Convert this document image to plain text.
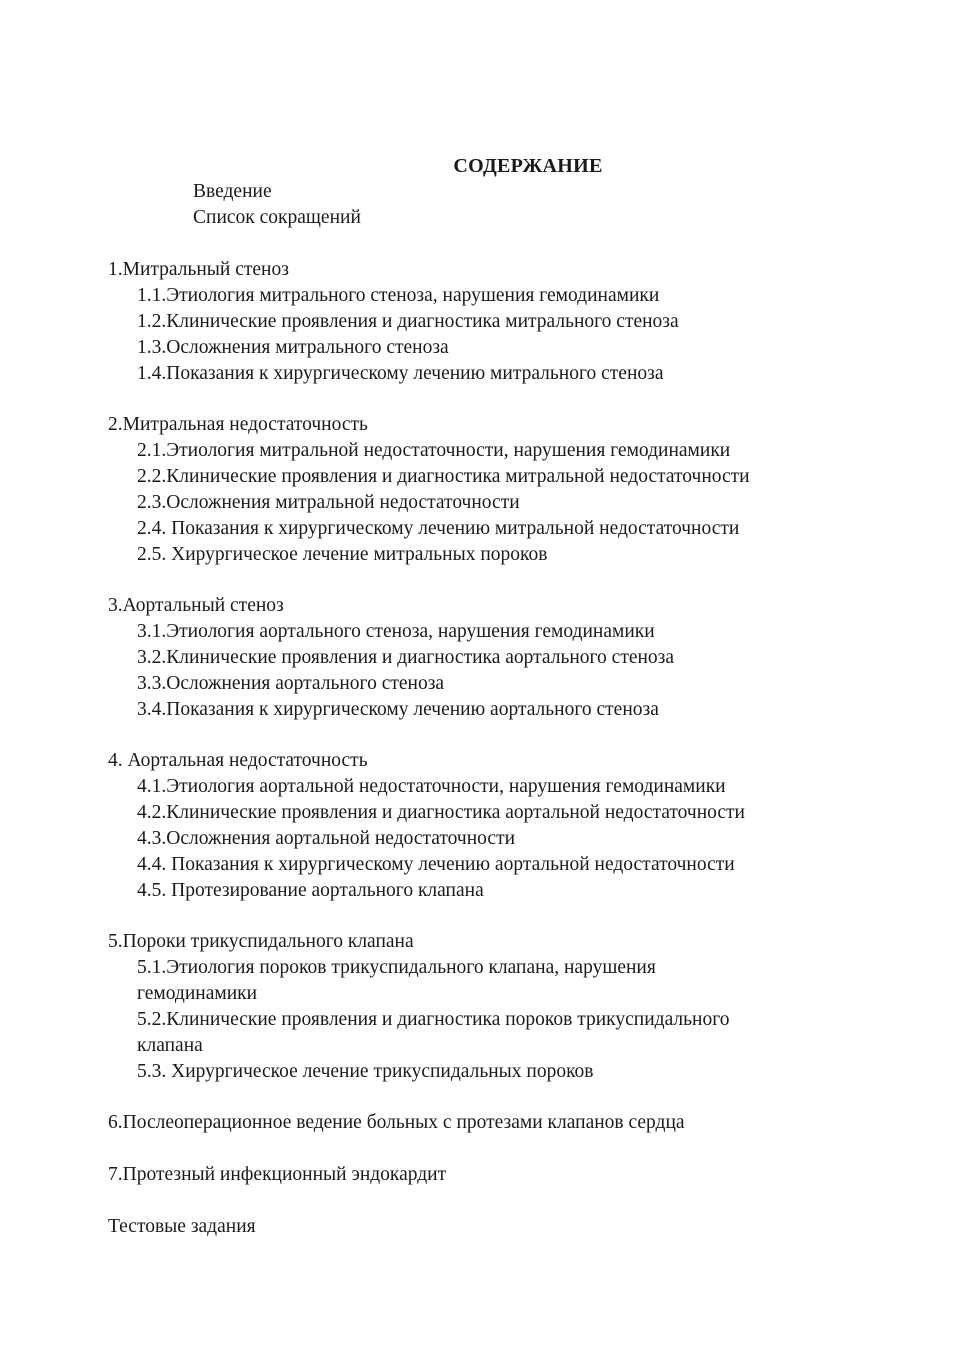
СОДЕРЖАНИЕ
Введение
Список сокращений
1.Митральный стеноз
1.1.Этиология митрального стеноза, нарушения гемодинамики
1.2.Клинические проявления и диагностика митрального стеноза
1.3.Осложнения митрального стеноза
1.4.Показания к хирургическому лечению митрального стеноза
2.Митральная недостаточность
2.1.Этиология митральной недостаточности, нарушения гемодинамики
2.2.Клинические проявления и диагностика митральной недостаточности
2.3.Осложнения митральной недостаточности
2.4. Показания к хирургическому лечению митральной недостаточности
2.5. Хирургическое лечение митральных пороков
3.Аортальный стеноз
3.1.Этиология аортального стеноза, нарушения гемодинамики
3.2.Клинические проявления и диагностика аортального стеноза
3.3.Осложнения аортального стеноза
3.4.Показания к хирургическому лечению аортального стеноза
4. Аортальная недостаточность
4.1.Этиология аортальной недостаточности, нарушения гемодинамики
4.2.Клинические проявления и диагностика аортальной недостаточности
4.3.Осложнения аортальной недостаточности
4.4. Показания к хирургическому лечению аортальной недостаточности
4.5. Протезирование аортального клапана
5.Пороки трикуспидального клапана
5.1.Этиология пороков трикуспидального клапана, нарушения
гемодинамики
5.2.Клинические проявления и диагностика пороков трикуспидального
клапана
5.3. Хирургическое лечение трикуспидальных пороков
6.Послеоперационное ведение больных с протезами клапанов сердца
7.Протезный инфекционный эндокардит
Тестовые задания
